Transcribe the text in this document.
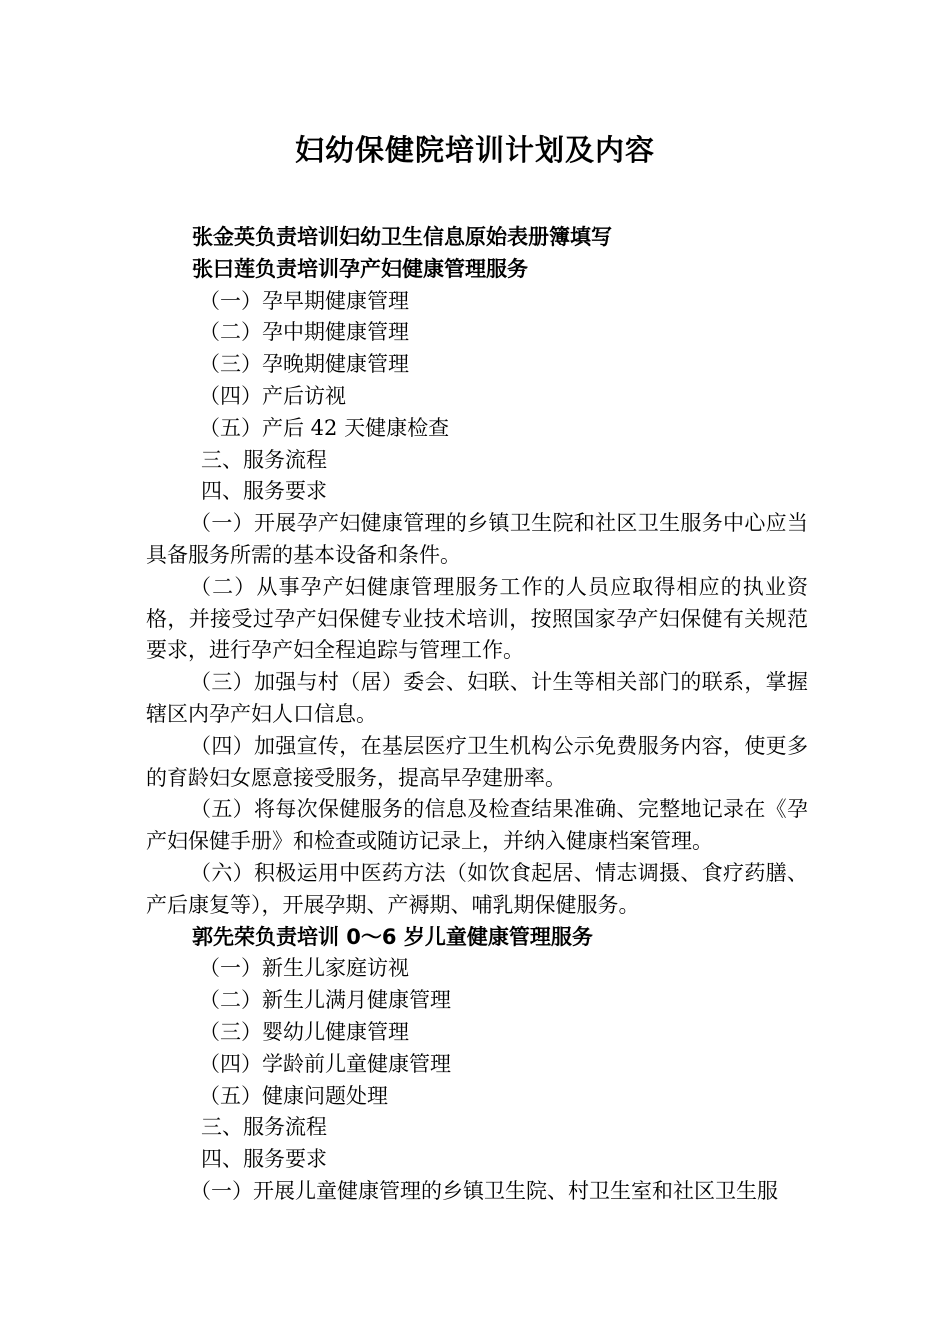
妇幼保健院培训计划及内容
张金英负责培训妇幼卫生信息原始表册簿填写
张曰莲负责培训孕产妇健康管理服务
（一）孕早期健康管理
（二）孕中期健康管理
（三）孕晚期健康管理
（四）产后访视
（五）产后 42 天健康检查
三、服务流程
四、服务要求
（一）开展孕产妇健康管理的乡镇卫生院和社区卫生服务中心应当具备服务所需的基本设备和条件。
（二）从事孕产妇健康管理服务工作的人员应取得相应的执业资格，并接受过孕产妇保健专业技术培训，按照国家孕产妇保健有关规范要求，进行孕产妇全程追踪与管理工作。
（三）加强与村（居）委会、妇联、计生等相关部门的联系，掌握辖区内孕产妇人口信息。
（四）加强宣传，在基层医疗卫生机构公示免费服务内容，使更多的育龄妇女愿意接受服务，提高早孕建册率。
（五）将每次保健服务的信息及检查结果准确、完整地记录在《孕产妇保健手册》和检查或随访记录上，并纳入健康档案管理。
（六）积极运用中医药方法（如饮食起居、情志调摄、食疗药膳、产后康复等），开展孕期、产褥期、哺乳期保健服务。
郭先荣负责培训 0～6 岁儿童健康管理服务
（一）新生儿家庭访视
（二）新生儿满月健康管理
（三）婴幼儿健康管理
（四）学龄前儿童健康管理
（五）健康问题处理
三、服务流程
四、服务要求
（一）开展儿童健康管理的乡镇卫生院、村卫生室和社区卫生服
